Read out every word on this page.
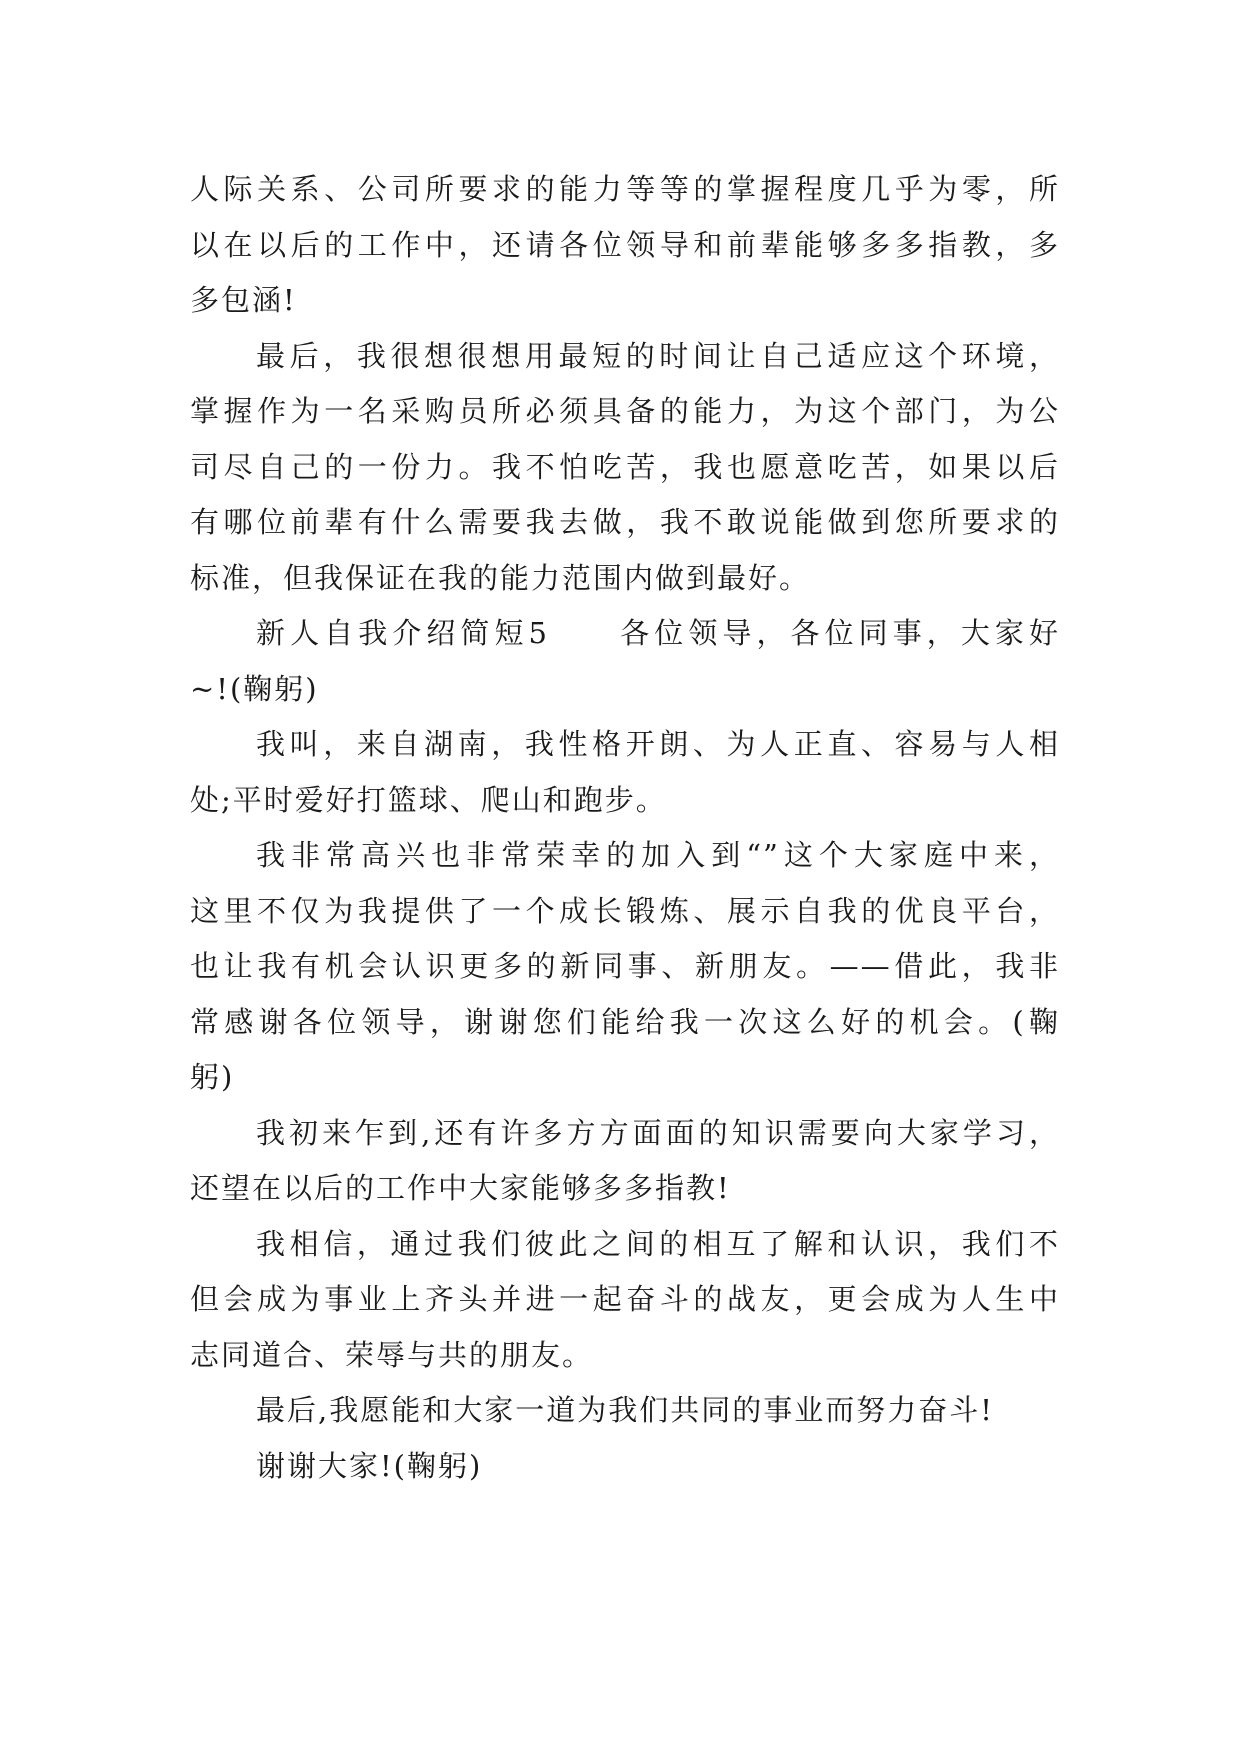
人际关系、公司所要求的能力等等的掌握程度几乎为零，所
以在以后的工作中，还请各位领导和前辈能够多多指教，多
多包涵!
最后，我很想很想用最短的时间让自己适应这个环境，
掌握作为一名采购员所必须具备的能力，为这个部门，为公
司尽自己的一份力。我不怕吃苦，我也愿意吃苦，如果以后
有哪位前辈有什么需要我去做，我不敢说能做到您所要求的
标准，但我保证在我的能力范围内做到最好。
新人自我介绍简短5　　各位领导，各位同事，大家好
~!(鞠躬)
我叫，来自湖南，我性格开朗、为人正直、容易与人相
处;平时爱好打篮球、爬山和跑步。
我非常高兴也非常荣幸的加入到“”这个大家庭中来，
这里不仅为我提供了一个成长锻炼、展示自我的优良平台，
也让我有机会认识更多的新同事、新朋友。——借此，我非
常感谢各位领导，谢谢您们能给我一次这么好的机会。(鞠
躬)
我初来乍到,还有许多方方面面的知识需要向大家学习，
还望在以后的工作中大家能够多多指教!
我相信，通过我们彼此之间的相互了解和认识，我们不
但会成为事业上齐头并进一起奋斗的战友，更会成为人生中
志同道合、荣辱与共的朋友。
最后,我愿能和大家一道为我们共同的事业而努力奋斗!
谢谢大家!(鞠躬)
